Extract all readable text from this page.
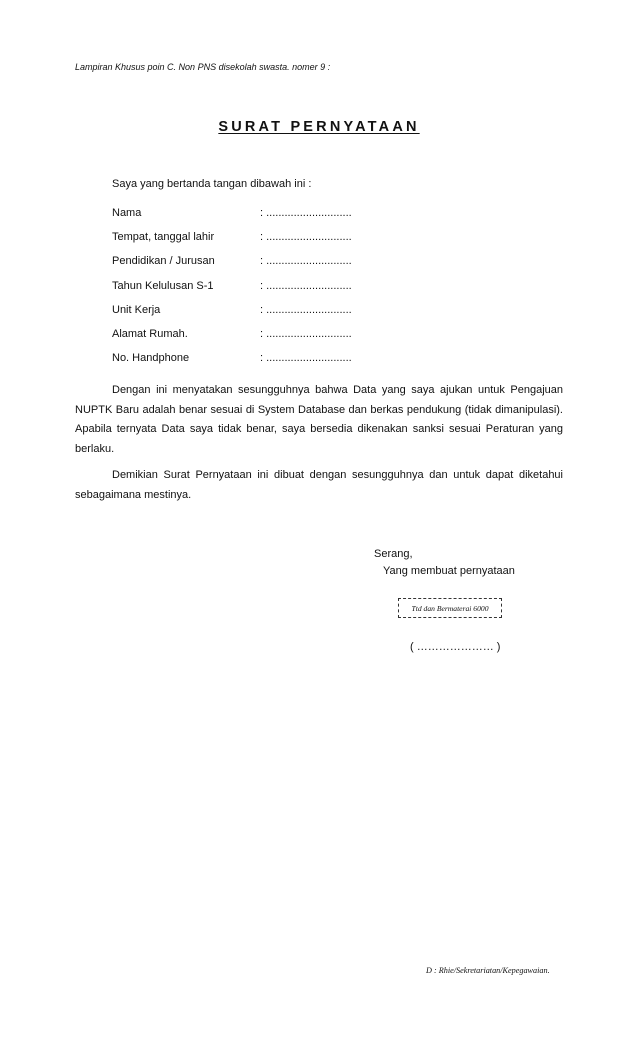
Lampiran Khusus poin C. Non PNS disekolah swasta. nomer 9 :
SURAT PERNYATAAN
Saya yang bertanda tangan dibawah ini :
Nama	: ............................
Tempat, tanggal lahir	: ............................
Pendidikan / Jurusan	: ............................
Tahun Kelulusan S-1	: ............................
Unit Kerja	: ............................
Alamat Rumah.	: ............................
No. Handphone	: ............................
Dengan ini menyatakan sesungguhnya bahwa Data yang saya ajukan untuk Pengajuan NUPTK Baru adalah benar sesuai di System Database dan berkas pendukung (tidak dimanipulasi). Apabila ternyata Data saya tidak benar, saya bersedia dikenakan sanksi sesuai Peraturan yang berlaku.
Demikian Surat Pernyataan ini dibuat dengan sesungguhnya dan untuk dapat diketahui sebagaimana mestinya.
Serang,
Yang membuat pernyataan
Ttd dan Bermaterai 6000
( ………………… )
D : Rhie/Sekretariatan/Kepegawaian.
